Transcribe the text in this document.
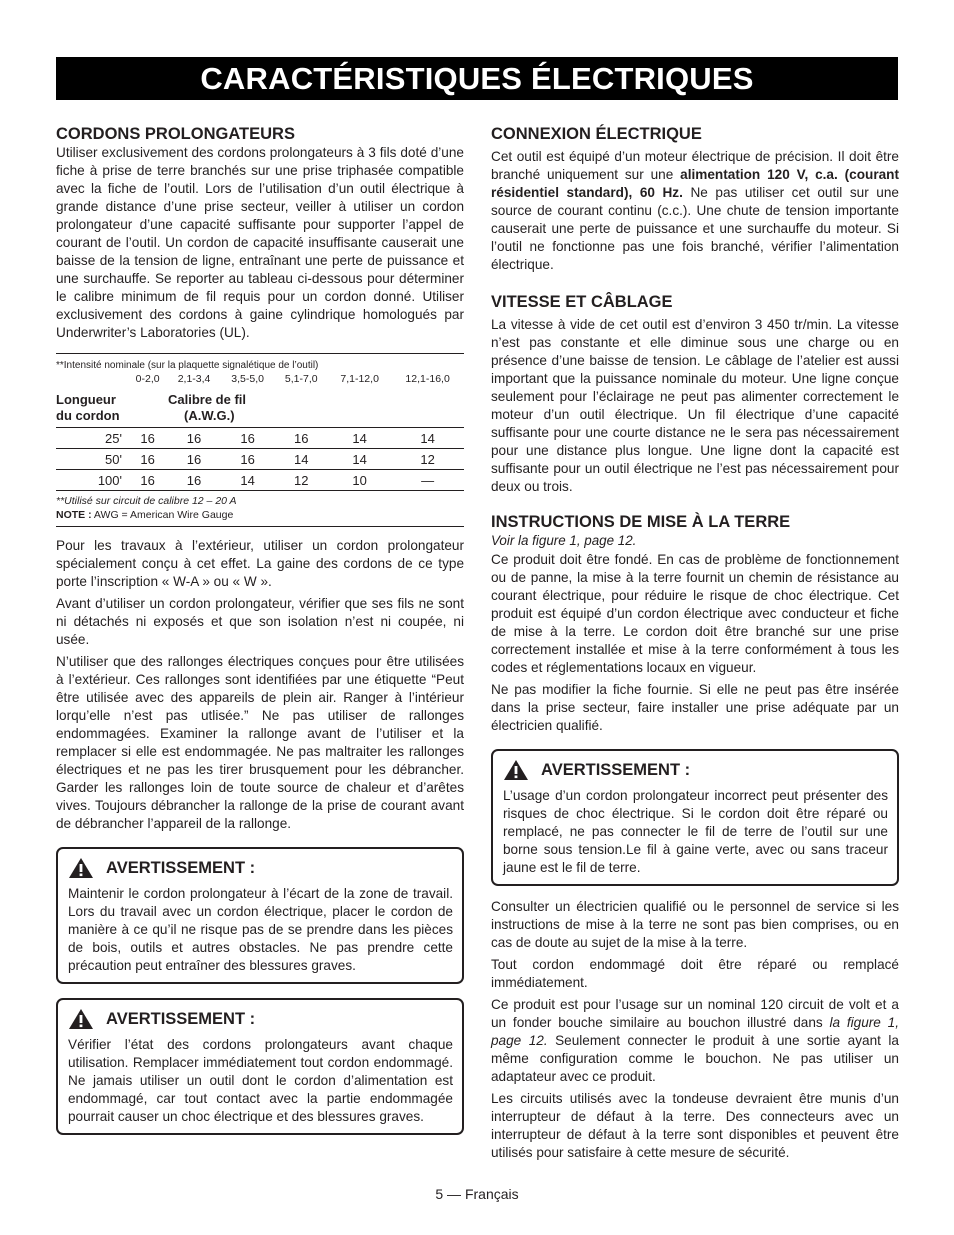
CARACTÉRISTIQUES ÉLECTRIQUES
CORDONS PROLONGATEURS

Utiliser exclusivement des cordons prolongateurs à 3 fils doté d’une fiche à prise de terre branchés sur une prise triphasée compatible avec la fiche de l’outil. Lors de l’utilisation d’un outil électrique à grande distance d’une prise secteur, veiller à utiliser un cordon prolongateur d’une capacité suffisante pour supporter l’appel de courant de l’outil. Un cordon de capacité insuffisante causerait une baisse de la tension de ligne, entraînant une perte de puissance et une surchauffe. Se reporter au tableau ci-dessous pour déterminer le calibre minimum de fil requis pour un cordon donné. Utiliser exclusivement des cordons à gaine cylindrique homologués par Underwriter’s Laboratories (UL).

**Intensité nominale (sur la plaquette signalétique de l’outil)						
	0-2,0	2,1-3,4	3,5-5,0	5,1-7,0	7,1-12,0	12,1-16,0
Longueur
du cordon	Calibre de fil
(A.W.G.)					
25'	16	16	16	16	14	14
50'	16	16	16	14	14	12
100'	16	16	14	12	10	—
**Utilisé sur circuit de calibre 12 – 20 A
NOTE : AWG = American Wire Gauge

Pour les travaux à l’extérieur, utiliser un cordon prolongateur spécialement conçu à cet effet. La gaine des cordons de ce type porte l’inscription « W-A » ou « W ».

Avant d’utiliser un cordon prolongateur, vérifier que ses fils ne sont ni détachés ni exposés et que son isolation n’est ni coupée, ni usée.

N’utiliser que des rallonges électriques conçues pour être utilisées à l’extérieur. Ces rallonges sont identifiées par une étiquette “Peut être utilisée avec des appareils de plein air. Ranger à l’intérieur lorqu’elle n’est pas utlisée.” Ne pas utiliser de rallonges endommagées. Examiner la rallonge avant de l’utiliser et la remplacer si elle est endommagée. Ne pas maltraiter les rallonges électriques et ne pas les tirer brusquement pour les débrancher. Garder les rallonges loin de toute source de chaleur et d’arêtes vives. Toujours débrancher la rallonge de la prise de courant avant de débrancher l’appareil de la rallonge.

AVERTISSEMENT :

Maintenir le cordon prolongateur à l’écart de la zone de travail. Lors du travail avec un cordon électrique, placer le cordon de manière à ce qu’il ne risque pas de se prendre dans les pièces de bois, outils et autres obstacles. Ne pas prendre cette précaution peut entraîner des blessures graves.

AVERTISSEMENT :

Vérifier l’état des cordons prolongateurs avant chaque utilisation. Remplacer immédiatement tout cordon endommagé. Ne jamais utiliser un outil dont le cordon d’alimentation est endommagé, car tout contact avec la partie endommagée pourrait causer un choc électrique et des blessures graves.

CONNEXION ÉLECTRIQUE

Cet outil est équipé d’un moteur électrique de précision. Il doit être branché uniquement sur une alimentation 120 V, c.a. (courant résidentiel standard), 60 Hz. Ne pas utiliser cet outil sur une source de courant continu (c.c.). Une chute de tension importante causerait une perte de puissance et une surchauffe du moteur. Si l’outil ne fonctionne pas une fois branché, vérifier l’alimentation électrique.

VITESSE ET CÂBLAGE

La vitesse à vide de cet outil est d’environ 3 450 tr/min. La vitesse n’est pas constante et elle diminue sous une charge ou en présence d’une baisse de tension. Le câblage de l’atelier est aussi important que la puissance nominale du moteur. Une ligne conçue seulement pour l’éclairage ne peut pas alimenter correctement le moteur d’un outil électrique. Un fil électrique d’une capacité suffisante pour une courte distance ne le sera pas nécessairement pour une distance plus longue. Une ligne dont la capacité est suffisante pour un outil électrique ne l’est pas nécessairement pour deux ou trois.

INSTRUCTIONS DE MISE À LA TERRE
Voir la figure 1, page 12.

Ce produit doit être fondé. En cas de problème de fonctionnement ou de panne, la mise à la terre fournit un chemin de résistance au courant électrique, pour réduire le risque de choc électrique. Cet produit est équipé d’un cordon électrique avec conducteur et fiche de mise à la terre. Le cordon doit être branché sur une prise correctement installée et mise à la terre conformément à tous les codes et réglementations locaux en vigueur.

Ne pas modifier la fiche fournie. Si elle ne peut pas être insérée dans la prise secteur, faire installer une prise adéquate par un électricien qualifié.

AVERTISSEMENT :

L’usage d’un cordon prolongateur incorrect peut présenter des risques de choc électrique. Si le cordon doit être réparé ou remplacé, ne pas connecter le fil de terre de l’outil sur une borne sous tension.Le fil à gaine verte, avec ou sans traceur jaune est le fil de terre.

Consulter un électricien qualifié ou le personnel de service si les instructions de mise à la terre ne sont pas bien comprises, ou en cas de doute au sujet de la mise à la terre.

Tout cordon endommagé doit être réparé ou remplacé immédiatement.

Ce produit est pour l’usage sur un nominal 120 circuit de volt et a un fonder bouche similaire au bouchon illustré dans la figure 1, page 12. Seulement connecter le produit à une sortie ayant la même configuration comme le bouchon. Ne pas utiliser un adaptateur avec ce produit.

Les circuits utilisés avec la tondeuse devraient être munis d’un interrupteur de défaut à la terre. Des connecteurs avec un interrupteur de défaut à la terre sont disponibles et peuvent être utilisés pour satisfaire à cette mesure de sécurité.

5 — Français
